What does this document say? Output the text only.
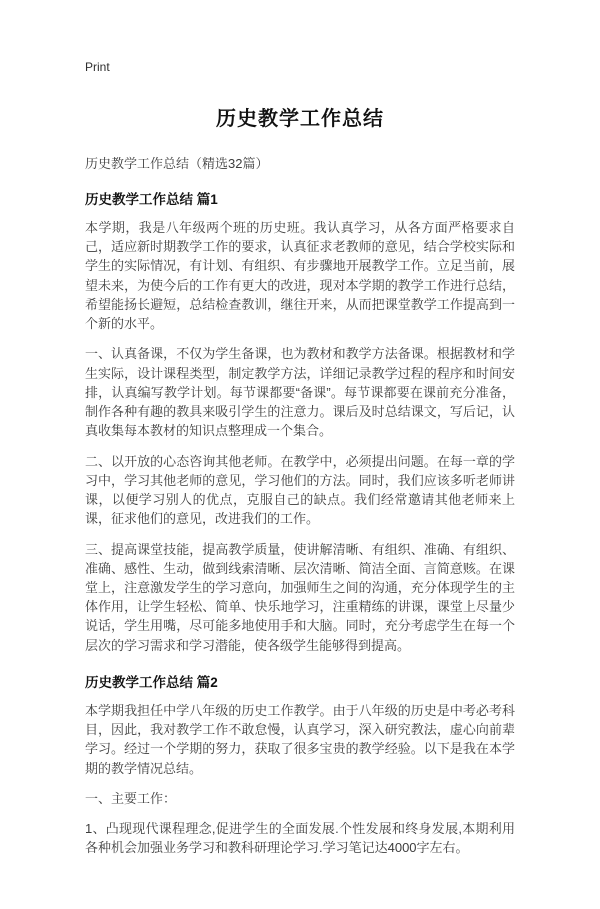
Print
历史教学工作总结

历史教学工作总结（精选32篇）

历史教学工作总结 篇1

本学期，我是八年级两个班的历史班。我认真学习，从各方面严格要求自己，适应新时期教学工作的要求，认真征求老教师的意见，结合学校实际和学生的实际情况，有计划、有组织、有步骤地开展教学工作。立足当前，展望未来，为使今后的工作有更大的改进，现对本学期的教学工作进行总结，希望能扬长避短，总结检查教训，继往开来，从而把课堂教学工作提高到一个新的水平。

一、认真备课，不仅为学生备课，也为教材和教学方法备课。根据教材和学生实际，设计课程类型，制定教学方法，详细记录教学过程的程序和时间安排，认真编写教学计划。每节课都要“备课”。每节课都要在课前充分准备，制作各种有趣的教具来吸引学生的注意力。课后及时总结课文，写后记，认真收集每本教材的知识点整理成一个集合。

二、以开放的心态咨询其他老师。在教学中，必须提出问题。在每一章的学习中，学习其他老师的意见，学习他们的方法。同时，我们应该多听老师讲课，以便学习别人的优点，克服自己的缺点。我们经常邀请其他老师来上课，征求他们的意见，改进我们的工作。

三、提高课堂技能，提高教学质量，使讲解清晰、有组织、准确、有组织、准确、感性、生动，做到线索清晰、层次清晰、简洁全面、言简意赅。在课堂上，注意激发学生的学习意向，加强师生之间的沟通，充分体现学生的主体作用，让学生轻松、简单、快乐地学习，注重精练的讲课，课堂上尽量少说话，学生用嘴，尽可能多地使用手和大脑。同时，充分考虑学生在每一个层次的学习需求和学习潜能，使各级学生能够得到提高。

历史教学工作总结 篇2

本学期我担任中学八年级的历史工作教学。由于八年级的历史是中考必考科目，因此，我对教学工作不敢怠慢，认真学习，深入研究教法，虚心向前辈学习。经过一个学期的努力，获取了很多宝贵的教学经验。以下是我在本学期的教学情况总结。

一、主要工作：

1、凸现现代课程理念,促进学生的全面发展.个性发展和终身发展,本期利用各种机会加强业务学习和教科研理论学习.学习笔记达4000字左右。
